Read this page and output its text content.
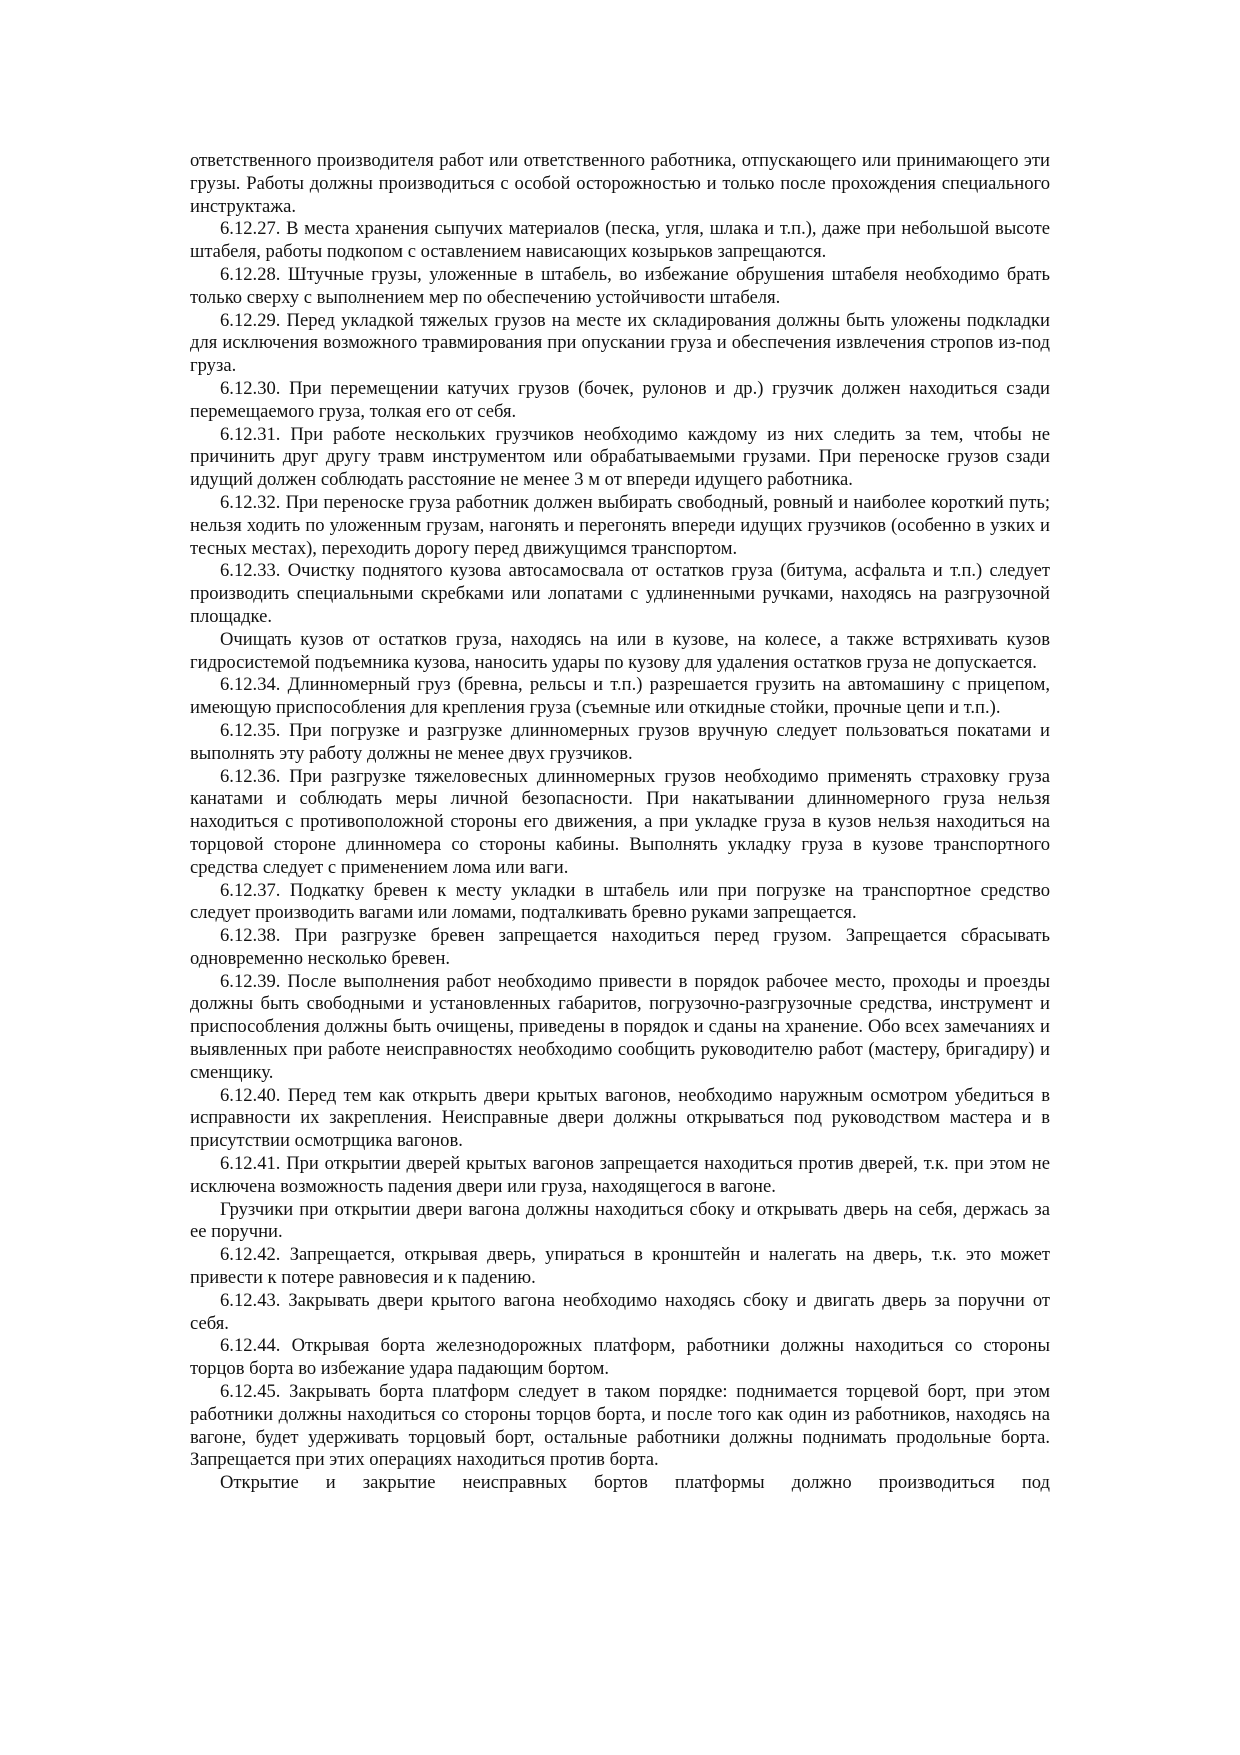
ответственного производителя работ или ответственного работника, отпускающего или принимающего эти грузы. Работы должны производиться с особой осторожностью и только после прохождения специального инструктажа.

6.12.27. В места хранения сыпучих материалов (песка, угля, шлака и т.п.), даже при небольшой высоте штабеля, работы подкопом с оставлением нависающих козырьков запрещаются.

6.12.28. Штучные грузы, уложенные в штабель, во избежание обрушения штабеля необходимо брать только сверху с выполнением мер по обеспечению устойчивости штабеля.

6.12.29. Перед укладкой тяжелых грузов на месте их складирования должны быть уложены подкладки для исключения возможного травмирования при опускании груза и обеспечения извлечения стропов из-под груза.

6.12.30. При перемещении катучих грузов (бочек, рулонов и др.) грузчик должен находиться сзади перемещаемого груза, толкая его от себя.

6.12.31. При работе нескольких грузчиков необходимо каждому из них следить за тем, чтобы не причинить друг другу травм инструментом или обрабатываемыми грузами. При переноске грузов сзади идущий должен соблюдать расстояние не менее 3 м от впереди идущего работника.

6.12.32. При переноске груза работник должен выбирать свободный, ровный и наиболее короткий путь; нельзя ходить по уложенным грузам, нагонять и перегонять впереди идущих грузчиков (особенно в узких и тесных местах), переходить дорогу перед движущимся транспортом.

6.12.33. Очистку поднятого кузова автосамосвала от остатков груза (битума, асфальта и т.п.) следует производить специальными скребками или лопатами с удлиненными ручками, находясь на разгрузочной площадке.

Очищать кузов от остатков груза, находясь на или в кузове, на колесе, а также встряхивать кузов гидросистемой подъемника кузова, наносить удары по кузову для удаления остатков груза не допускается.

6.12.34. Длинномерный груз (бревна, рельсы и т.п.) разрешается грузить на автомашину с прицепом, имеющую приспособления для крепления груза (съемные или откидные стойки, прочные цепи и т.п.).

6.12.35. При погрузке и разгрузке длинномерных грузов вручную следует пользоваться покатами и выполнять эту работу должны не менее двух грузчиков.

6.12.36. При разгрузке тяжеловесных длинномерных грузов необходимо применять страховку груза канатами и соблюдать меры личной безопасности. При накатывании длинномерного груза нельзя находиться с противоположной стороны его движения, а при укладке груза в кузов нельзя находиться на торцовой стороне длинномера со стороны кабины. Выполнять укладку груза в кузове транспортного средства следует с применением лома или ваги.

6.12.37. Подкатку бревен к месту укладки в штабель или при погрузке на транспортное средство следует производить вагами или ломами, подталкивать бревно руками запрещается.

6.12.38. При разгрузке бревен запрещается находиться перед грузом. Запрещается сбрасывать одновременно несколько бревен.

6.12.39. После выполнения работ необходимо привести в порядок рабочее место, проходы и проезды должны быть свободными и установленных габаритов, погрузочно-разгрузочные средства, инструмент и приспособления должны быть очищены, приведены в порядок и сданы на хранение. Обо всех замечаниях и выявленных при работе неисправностях необходимо сообщить руководителю работ (мастеру, бригадиру) и сменщику.

6.12.40. Перед тем как открыть двери крытых вагонов, необходимо наружным осмотром убедиться в исправности их закрепления. Неисправные двери должны открываться под руководством мастера и в присутствии осмотрщика вагонов.

6.12.41. При открытии дверей крытых вагонов запрещается находиться против дверей, т.к. при этом не исключена возможность падения двери или груза, находящегося в вагоне.

Грузчики при открытии двери вагона должны находиться сбоку и открывать дверь на себя, держась за ее поручни.

6.12.42. Запрещается, открывая дверь, упираться в кронштейн и налегать на дверь, т.к. это может привести к потере равновесия и к падению.

6.12.43. Закрывать двери крытого вагона необходимо находясь сбоку и двигать дверь за поручни от себя.

6.12.44. Открывая борта железнодорожных платформ, работники должны находиться со стороны торцов борта во избежание удара падающим бортом.

6.12.45. Закрывать борта платформ следует в таком порядке: поднимается торцевой борт, при этом работники должны находиться со стороны торцов борта, и после того как один из работников, находясь на вагоне, будет удерживать торцовый борт, остальные работники должны поднимать продольные борта. Запрещается при этих операциях находиться против борта.

Открытие и закрытие неисправных бортов платформы должно производиться под
